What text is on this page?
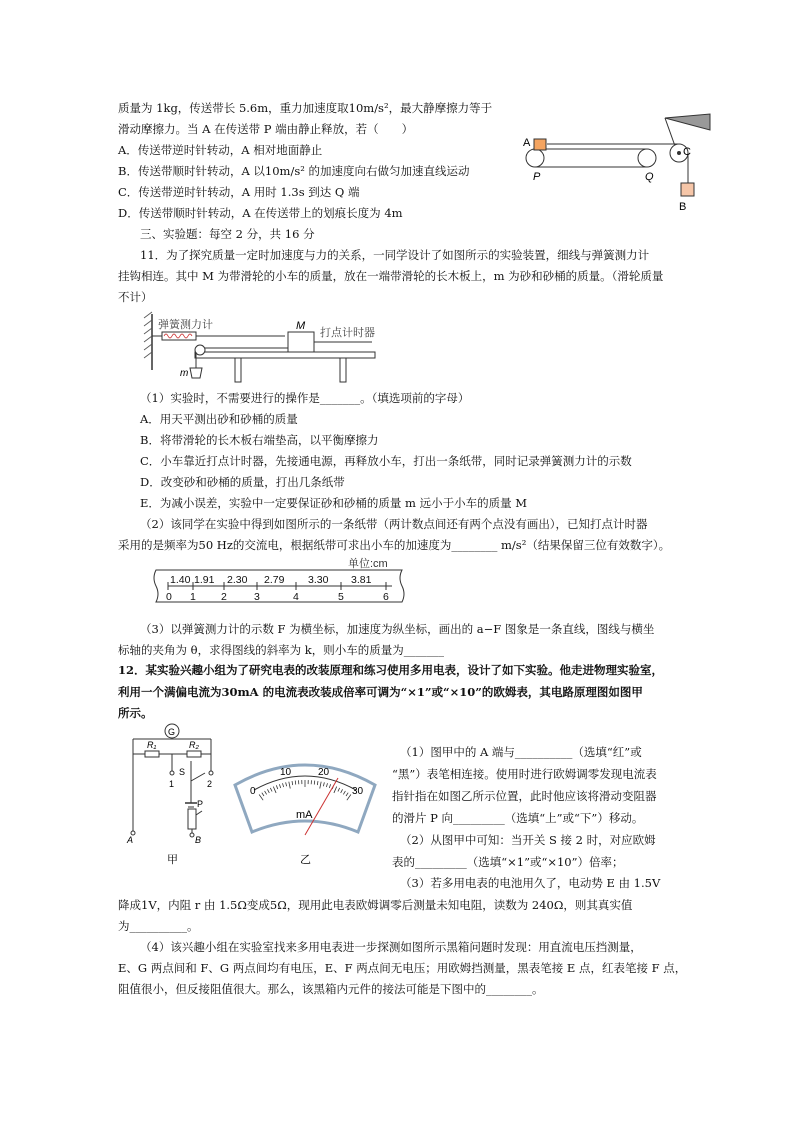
质量为 1kg，传送带长 5.6m，重力加速度取10m/s²，最大静摩擦力等于
滑动摩擦力。当 A 在传送带 P 端由静止释放，若（　　）
A．传送带逆时针转动，A 相对地面静止
B．传送带顺时针转动，A 以10m/s² 的加速度向右做匀加速直线运动
C．传送带逆时针转动，A 用时 1.3s 到达 Q 端
D．传送带顺时针转动，A 在传送带上的划痕长度为 4m
A
C
P	Q
B
三、实验题：每空 2 分，共 16 分
11．为了探究质量一定时加速度与力的关系，一同学设计了如图所示的实验装置，细线与弹簧测力计
挂钩相连。其中 M 为带滑轮的小车的质量，放在一端带滑轮的长木板上，m 为砂和砂桶的质量。（滑轮质量
不计）
弹簧测力计	M
打点计时器
m
（1）实验时，不需要进行的操作是_______。（填选项前的字母）
A．用天平测出砂和砂桶的质量
B．将带滑轮的长木板右端垫高，以平衡摩擦力
C．小车靠近打点计时器，先接通电源，再释放小车，打出一条纸带，同时记录弹簧测力计的示数
D．改变砂和砂桶的质量，打出几条纸带
E．为减小误差，实验中一定要保证砂和砂桶的质量 m 远小于小车的质量 M
（2）该同学在实验中得到如图所示的一条纸带（两计数点间还有两个点没有画出），已知打点计时器
采用的是频率为50 Hz的交流电，根据纸带可求出小车的加速度为________ m/s²（结果保留三位有效数字）。
单位:cm
1.40 1.91 2.30 2.79 3.30 3.81
0 1 2	3	4	5	6
（3）以弹簧测力计的示数 F 为横坐标，加速度为纵坐标，画出的 a−F 图象是一条直线，图线与横坐
标轴的夹角为 θ，求得图线的斜率为 k，则小车的质量为_______
12．某实验兴趣小组为了研究电表的改装原理和练习使用多用电表，设计了如下实验。他走进物理实验室，
利用一个满偏电流为30mA 的电流表改装成倍率可调为“×1”或“×10”的欧姆表，其电路原理图如图甲
所示。
G
R₁	R₂
S
1	2
P
A	B
甲
0
10	20
30
mA
乙
（1）图甲中的 A 端与__________（选填“红”或
“黑”）表笔相连接。使用时进行欧姆调零发现电流表
指针指在如图乙所示位置，此时他应该将滑动变阻器
的滑片 P 向_________（选填“上”或“下”）移动。
（2）从图甲中可知：当开关 S 接 2 时，对应欧姆
表的_________（选填“×1”或“×10”）倍率；
（3）若多用电表的电池用久了，电动势 E 由 1.5V
降成1V，内阻 r 由 1.5Ω变成5Ω，现用此电表欧姆调零后测量未知电阻，读数为 240Ω，则其真实值
为__________。
（4）该兴趣小组在实验室找来多用电表进一步探测如图所示黑箱问题时发现：用直流电压挡测量，
E、G 两点间和 F、G 两点间均有电压，E、F 两点间无电压；用欧姆挡测量，黑表笔接 E 点，红表笔接 F 点，
阻值很小，但反接阻值很大。那么，该黑箱内元件的接法可能是下图中的________。
